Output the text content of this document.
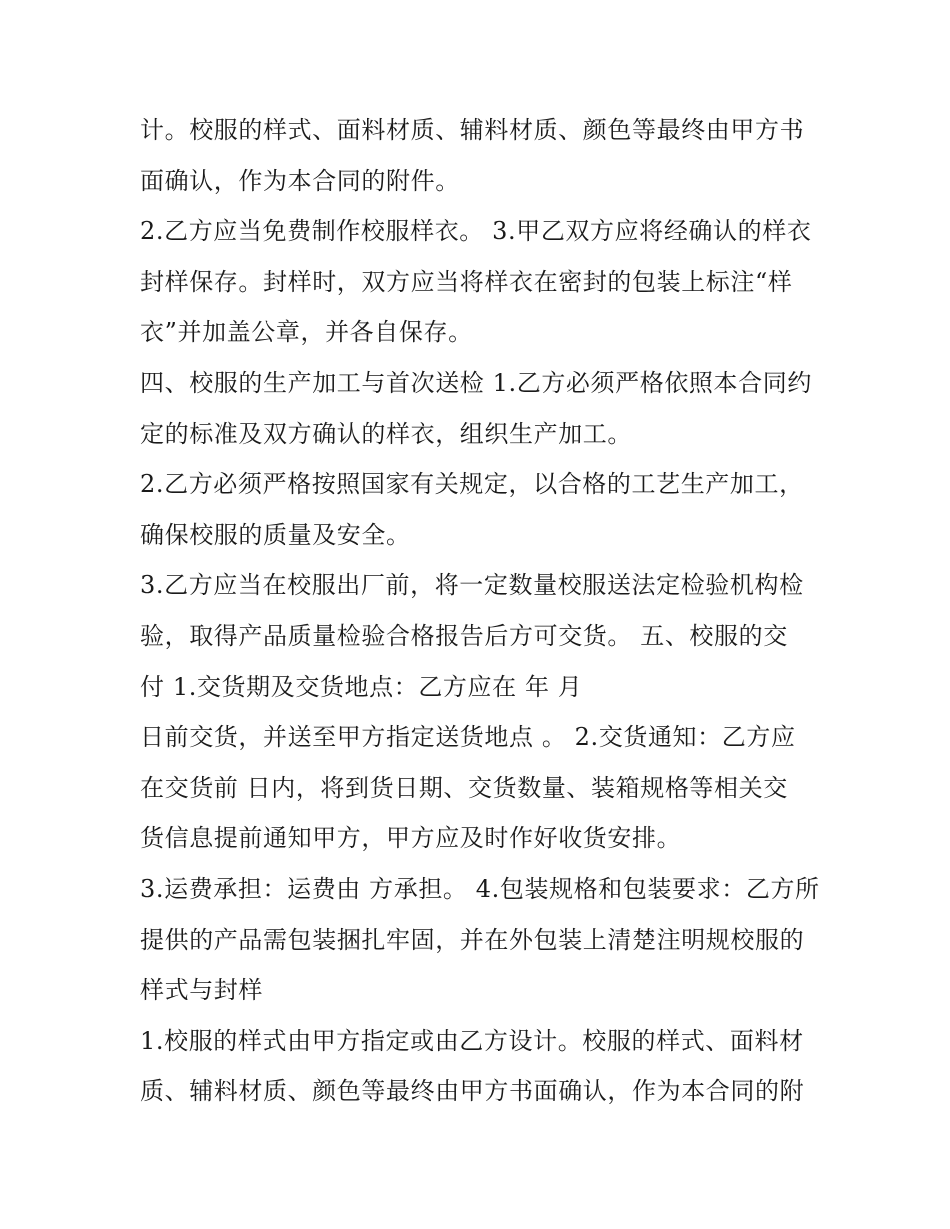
计。校服的样式、面料材质、辅料材质、颜色等最终由甲方书
面确认，作为本合同的附件。
2.乙方应当免费制作校服样衣。 3.甲乙双方应将经确认的样衣
封样保存。封样时，双方应当将样衣在密封的包装上标注“样
衣”并加盖公章，并各自保存。
四、校服的生产加工与首次送检 1.乙方必须严格依照本合同约
定的标准及双方确认的样衣，组织生产加工。
2.乙方必须严格按照国家有关规定，以合格的工艺生产加工，
确保校服的质量及安全。
3.乙方应当在校服出厂前，将一定数量校服送法定检验机构检
验，取得产品质量检验合格报告后方可交货。 五、校服的交
付 1.交货期及交货地点：乙方应在 年 月
日前交货，并送至甲方指定送货地点 。 2.交货通知：乙方应
在交货前 日内，将到货日期、交货数量、装箱规格等相关交
货信息提前通知甲方，甲方应及时作好收货安排。
3.运费承担：运费由 方承担。 4.包装规格和包装要求：乙方所
提供的产品需包装捆扎牢固，并在外包装上清楚注明规校服的
样式与封样
1.校服的样式由甲方指定或由乙方设计。校服的样式、面料材
质、辅料材质、颜色等最终由甲方书面确认，作为本合同的附
